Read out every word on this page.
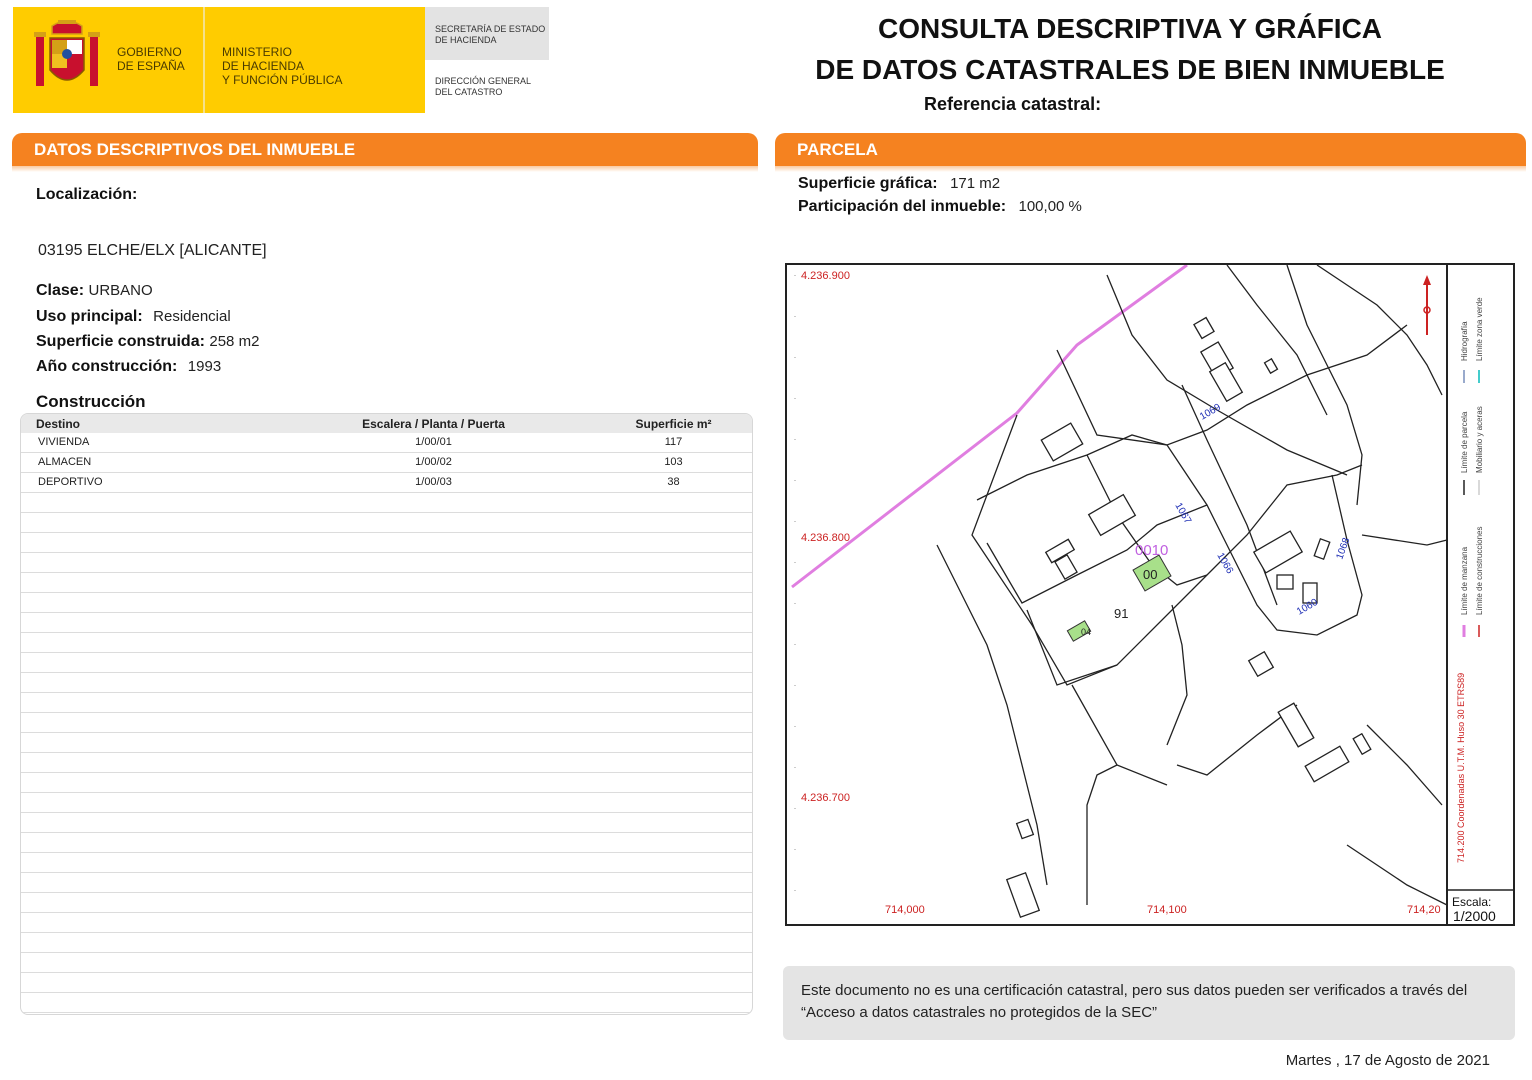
GOBIERNO
DE ESPAÑA
MINISTERIO
DE HACIENDA
Y FUNCIÓN PÚBLICA
SECRETARÍA DE ESTADO
DE HACIENDA
DIRECCIÓN GENERAL
DEL CATASTRO
CONSULTA DESCRIPTIVA Y GRÁFICA
DE DATOS CATASTRALES DE BIEN INMUEBLE
Referencia catastral:
DATOS DESCRIPTIVOS DEL INMUEBLE
Localización:
03195 ELCHE/ELX [ALICANTE]
Clase: URBANO
Uso principal: Residencial
Superficie construida: 258 m2
Año construcción: 1993
Construcción
Destino	Escalera / Planta / Puerta	Superficie m²
VIVIENDA	1/00/01	117
ALMACEN	1/00/02	103
DEPORTIVO	1/00/03	38
PARCELA
Superficie gráfica: 171 m2
Participación del inmueble: 100,00 %
4.236.900
4.236.800
4.236.700
714,000	714,100	714,20
0010
00
91
04
1069
1067
1066
1068
1060	Límite de manzana
Límite de parcela
Hidrografía
Límite de construcciones
Mobiliario y aceras
Límite zona verde
714.200 Coordenadas U.T.M. Huso 30 ETRS89
Escala:
1/2000
Este documento no es una certificación catastral, pero sus datos pueden ser verificados a través del “Acceso a datos catastrales no protegidos de la SEC”
Martes , 17 de Agosto de 2021
